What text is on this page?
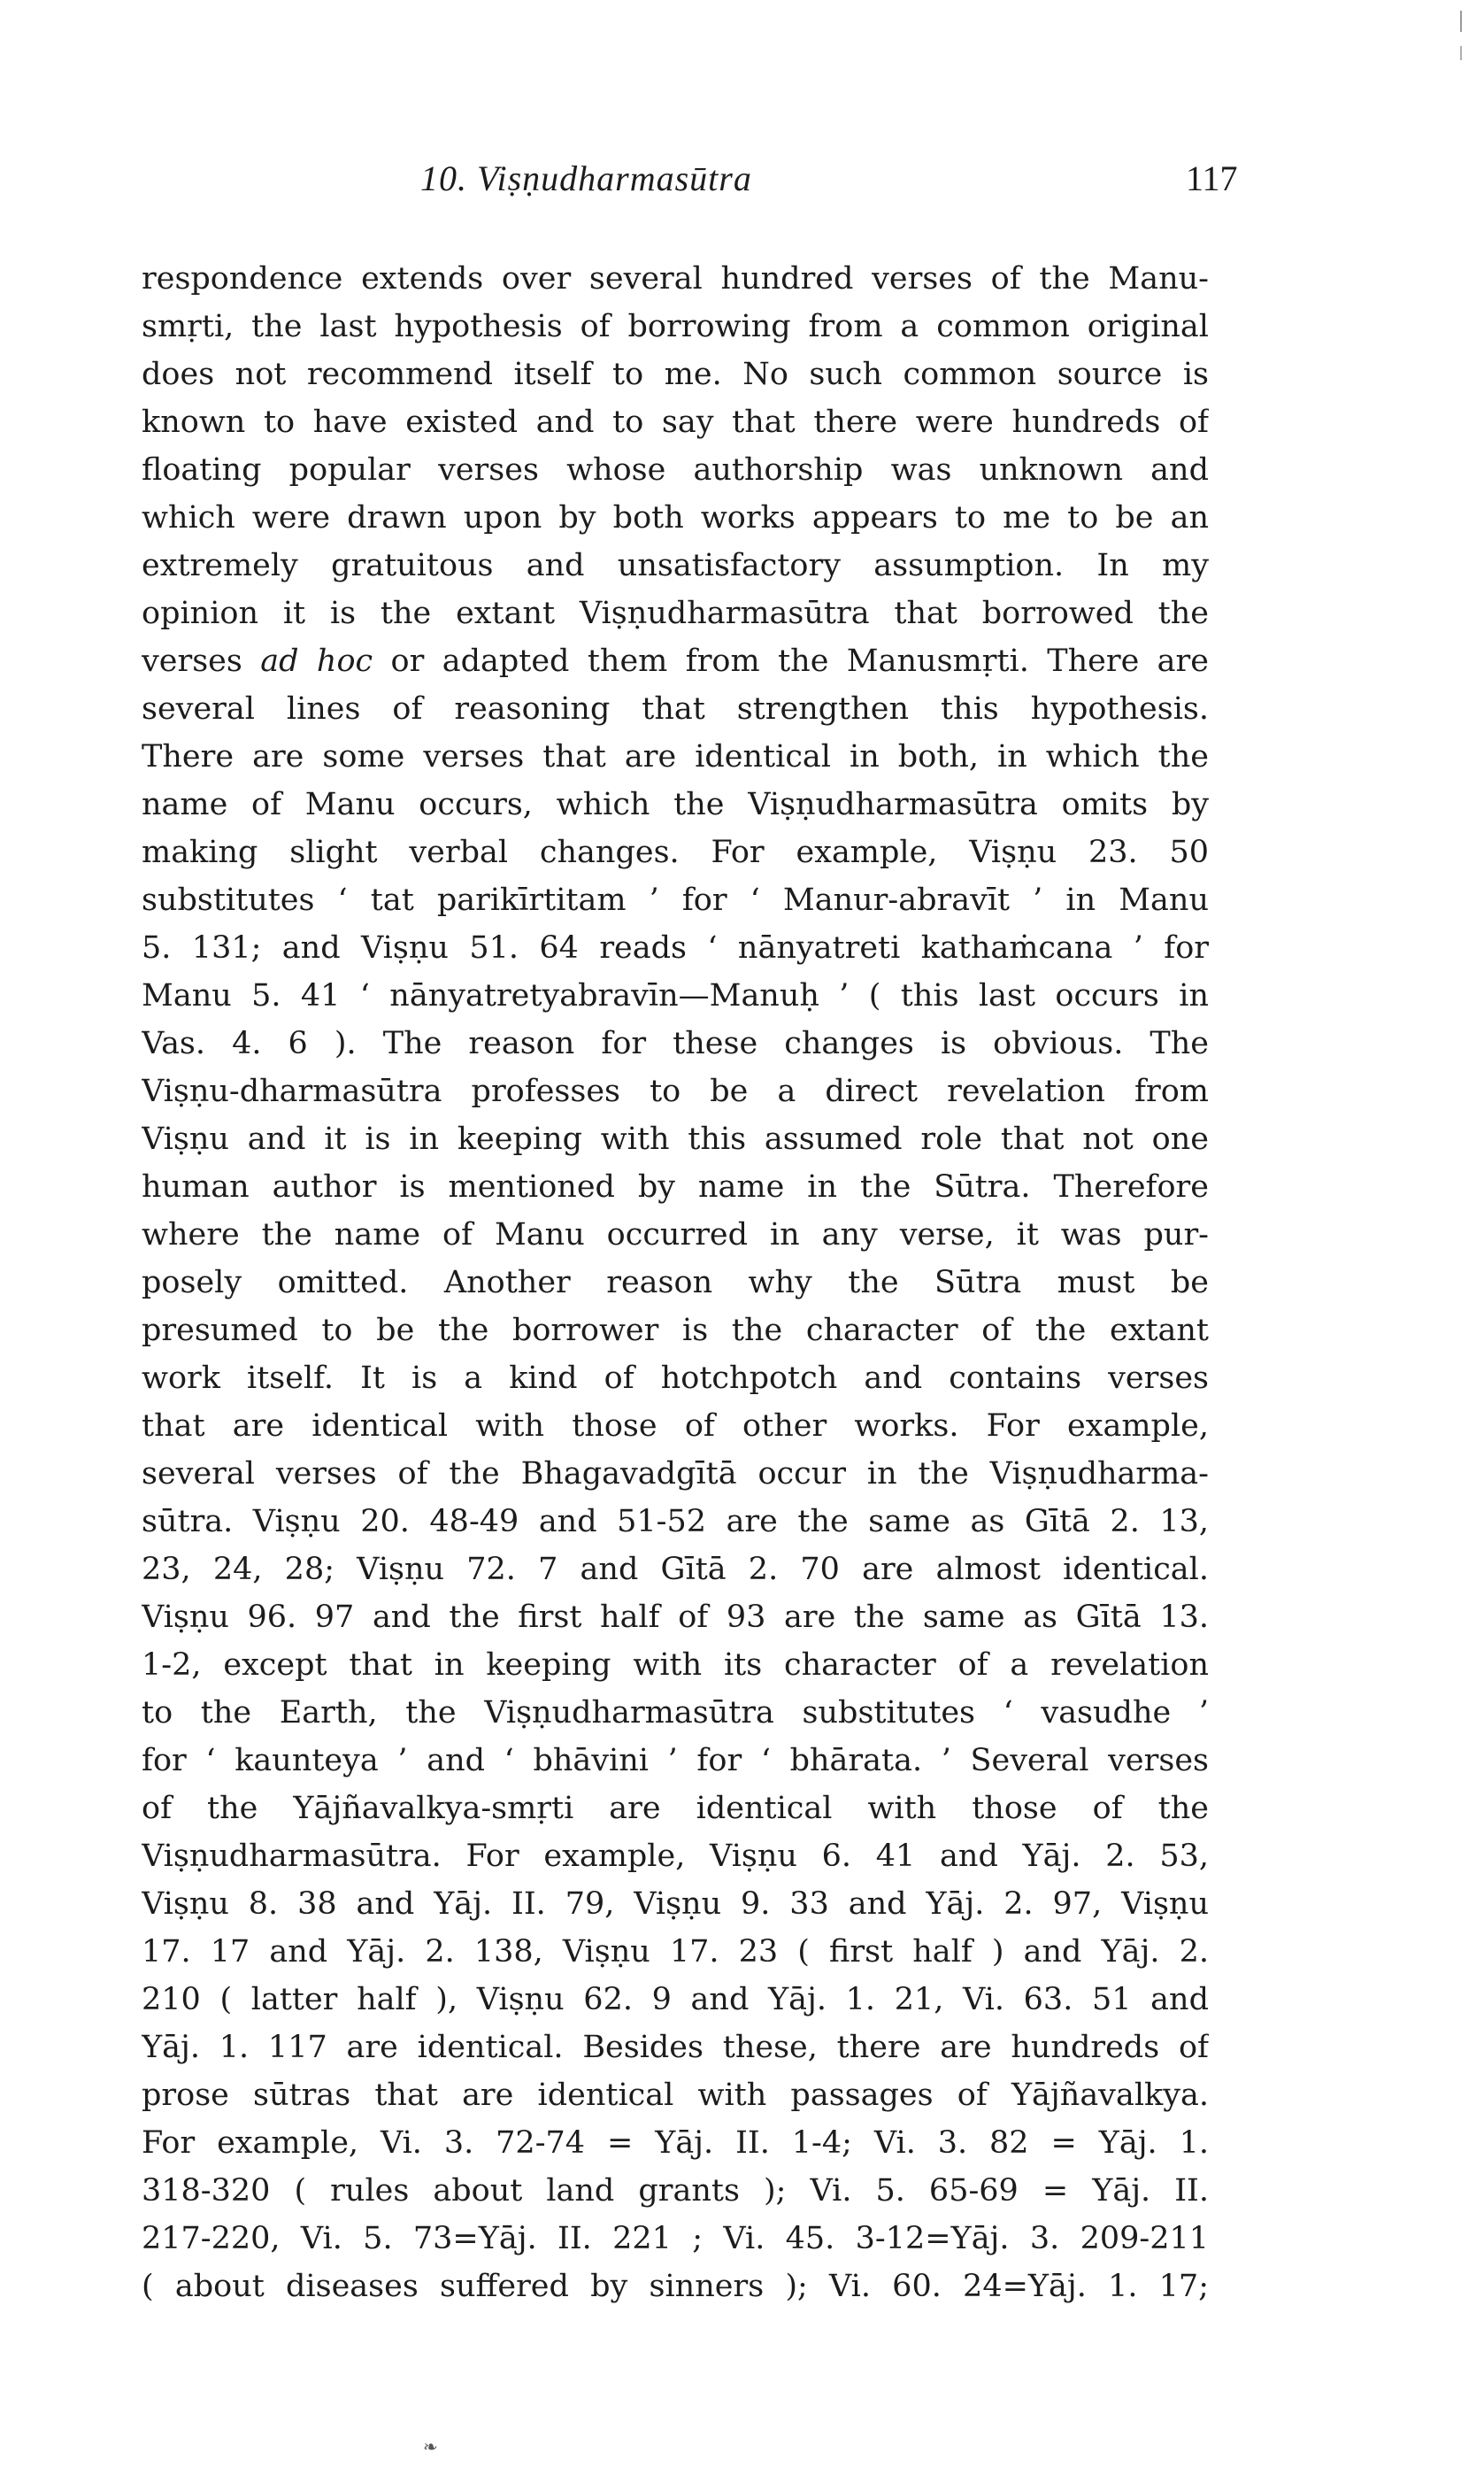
10. Viṣṇudharmasūtra	117
respondence extends over several hundred verses of the Manu-
smṛti, the last hypothesis of borrowing from a common original
does not recommend itself to me. No such common source is
known to have existed and to say that there were hundreds of
floating popular verses whose authorship was unknown and
which were drawn upon by both works appears to me to be an
extremely gratuitous and unsatisfactory assumption. In my
opinion it is the extant Viṣṇudharmasūtra that borrowed the
verses ad hoc or adapted them from the Manusmṛti. There are
several lines of reasoning that strengthen this hypothesis.
There are some verses that are identical in both, in which the
name of Manu occurs, which the Viṣṇudharmasūtra omits by
making slight verbal changes. For example, Viṣṇu 23. 50
substitutes ‘ tat parikīrtitam ’ for ‘ Manur-abravīt ’ in Manu
5. 131; and Viṣṇu 51. 64 reads ‘ nānyatreti kathaṁcana ’ for
Manu 5. 41 ‘ nānyatretyabravīn—Manuḥ ’ ( this last occurs in
Vas. 4. 6 ). The reason for these changes is obvious. The
Viṣṇu-dharmasūtra professes to be a direct revelation from
Viṣṇu and it is in keeping with this assumed role that not one
human author is mentioned by name in the Sūtra. Therefore
where the name of Manu occurred in any verse, it was pur-
posely omitted. Another reason why the Sūtra must be
presumed to be the borrower is the character of the extant
work itself. It is a kind of hotchpotch and contains verses
that are identical with those of other works. For example,
several verses of the Bhagavadgītā occur in the Viṣṇudharma-
sūtra. Viṣṇu 20. 48-49 and 51-52 are the same as Gītā 2. 13,
23, 24, 28; Viṣṇu 72. 7 and Gītā 2. 70 are almost identical.
Viṣṇu 96. 97 and the first half of 93 are the same as Gītā 13.
1-2, except that in keeping with its character of a revelation
to the Earth, the Viṣṇudharmasūtra substitutes ‘ vasudhe ’
for ‘ kaunteya ’ and ‘ bhāvini ’ for ‘ bhārata. ’ Several verses
of the Yājñavalkya-smṛti are identical with those of the
Viṣṇudharmasūtra. For example, Viṣṇu 6. 41 and Yāj. 2. 53,
Viṣṇu 8. 38 and Yāj. II. 79, Viṣṇu 9. 33 and Yāj. 2. 97, Viṣṇu
17. 17 and Yāj. 2. 138, Viṣṇu 17. 23 ( first half ) and Yāj. 2.
210 ( latter half ), Viṣṇu 62. 9 and Yāj. 1. 21, Vi. 63. 51 and
Yāj. 1. 117 are identical. Besides these, there are hundreds of
prose sūtras that are identical with passages of Yājñavalkya.
For example, Vi. 3. 72-74 = Yāj. II. 1-4; Vi. 3. 82 = Yāj. 1.
318-320 ( rules about land grants ); Vi. 5. 65-69 = Yāj. II.
217-220, Vi. 5. 73=Yāj. II. 221 ; Vi. 45. 3-12=Yāj. 3. 209-211
( about diseases suffered by sinners ); Vi. 60. 24=Yāj. 1. 17;
❧
